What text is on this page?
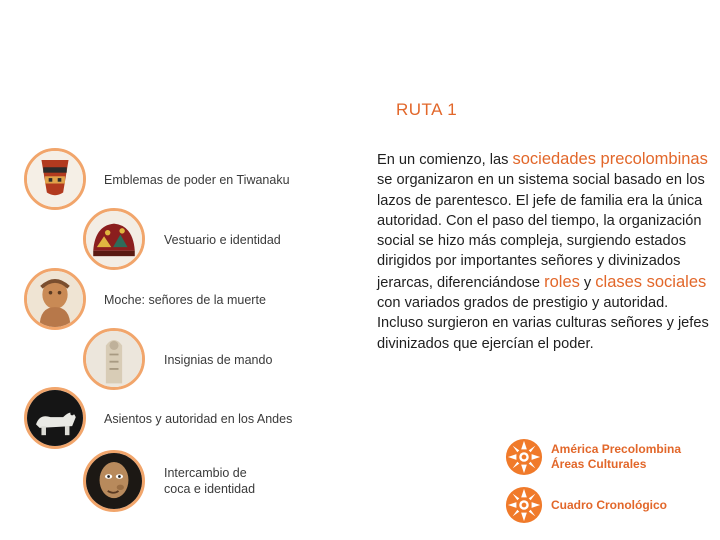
RUTA 1
Emblemas de poder en Tiwanaku
Vestuario e identidad
Moche: señores de la muerte
Insignias de mando
Asientos y autoridad en los Andes
Intercambio de
coca e identidad
En un comienzo, las sociedades precolombinas se organizaron en un sistema social basado en los lazos de parentesco. El jefe de familia era la única autoridad. Con el paso del tiempo, la organización social se hizo más compleja, surgiendo estados dirigidos por importantes señores y divinizados jerarcas, diferenciándose roles y clases sociales con variados grados de prestigio y autoridad. Incluso surgieron en varias culturas señores y jefes divinizados que ejercían el poder.
América Precolombina
Áreas Culturales
Cuadro Cronológico
